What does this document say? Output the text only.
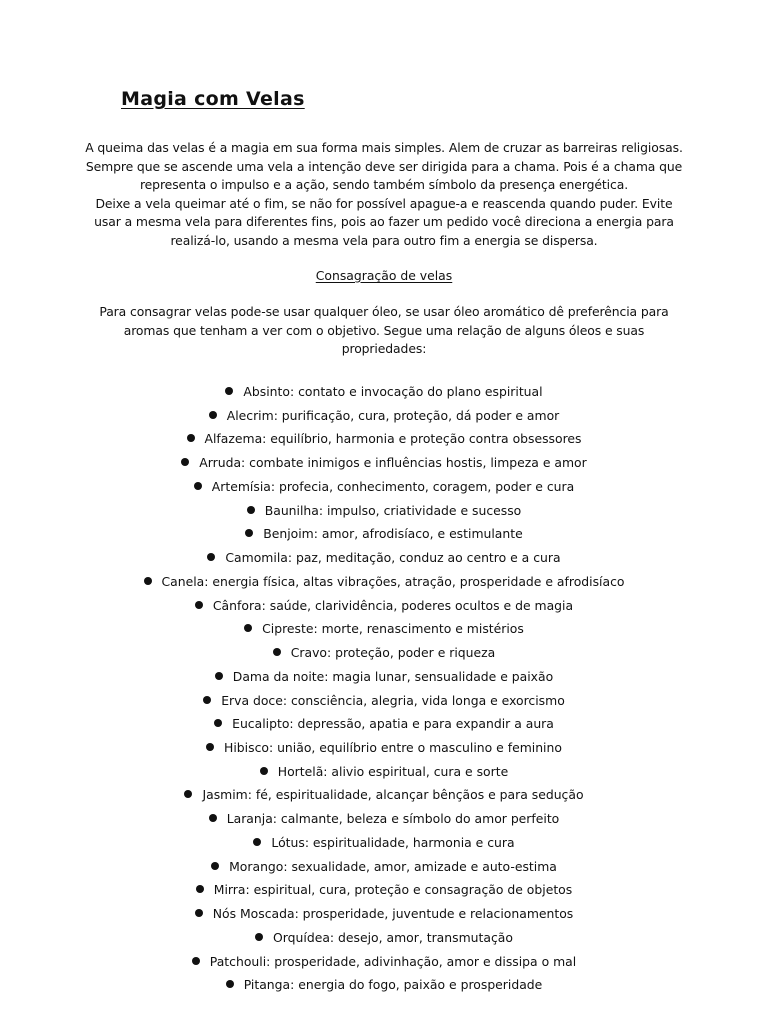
Magia com Velas
A queima das velas é a magia em sua forma mais simples. Alem de cruzar as barreiras religiosas.
Sempre que se ascende uma vela a intenção deve ser dirigida para a chama. Pois é a chama que
representa o impulso e a ação, sendo também símbolo da presença energética.
Deixe a vela queimar até o fim, se não for possível apague-a e reascenda quando puder. Evite
usar a mesma vela para diferentes fins, pois ao fazer um pedido você direciona a energia para
realizá-lo, usando a mesma vela para outro fim a energia se dispersa.
Consagração de velas
Para consagrar velas pode-se usar qualquer óleo, se usar óleo aromático dê preferência para
aromas que tenham a ver com o objetivo. Segue uma relação de alguns óleos e suas
propriedades:
Absinto: contato e invocação do plano espiritual
Alecrim: purificação, cura, proteção, dá poder e amor
Alfazema: equilíbrio, harmonia e proteção contra obsessores
Arruda: combate inimigos e influências hostis, limpeza e amor
Artemísia: profecia, conhecimento, coragem, poder e cura
Baunilha: impulso, criatividade e sucesso
Benjoim: amor, afrodisíaco, e estimulante
Camomila: paz, meditação, conduz ao centro e a cura
Canela: energia física, altas vibrações, atração, prosperidade e afrodisíaco
Cânfora: saúde, clarividência, poderes ocultos e de magia
Cipreste: morte, renascimento e mistérios
Cravo: proteção, poder e riqueza
Dama da noite: magia lunar, sensualidade e paixão
Erva doce: consciência, alegria, vida longa e exorcismo
Eucalipto: depressão, apatia e para expandir a aura
Hibisco: união, equilíbrio entre o masculino e feminino
Hortelã: alivio espiritual, cura e sorte
Jasmim: fé, espiritualidade, alcançar bênçãos e para sedução
Laranja: calmante, beleza e símbolo do amor perfeito
Lótus: espiritualidade, harmonia e cura
Morango: sexualidade, amor, amizade e auto-estima
Mirra: espiritual, cura, proteção e consagração de objetos
Nós Moscada: prosperidade, juventude e relacionamentos
Orquídea: desejo, amor, transmutação
Patchouli: prosperidade, adivinhação, amor e dissipa o mal
Pitanga: energia do fogo, paixão e prosperidade
